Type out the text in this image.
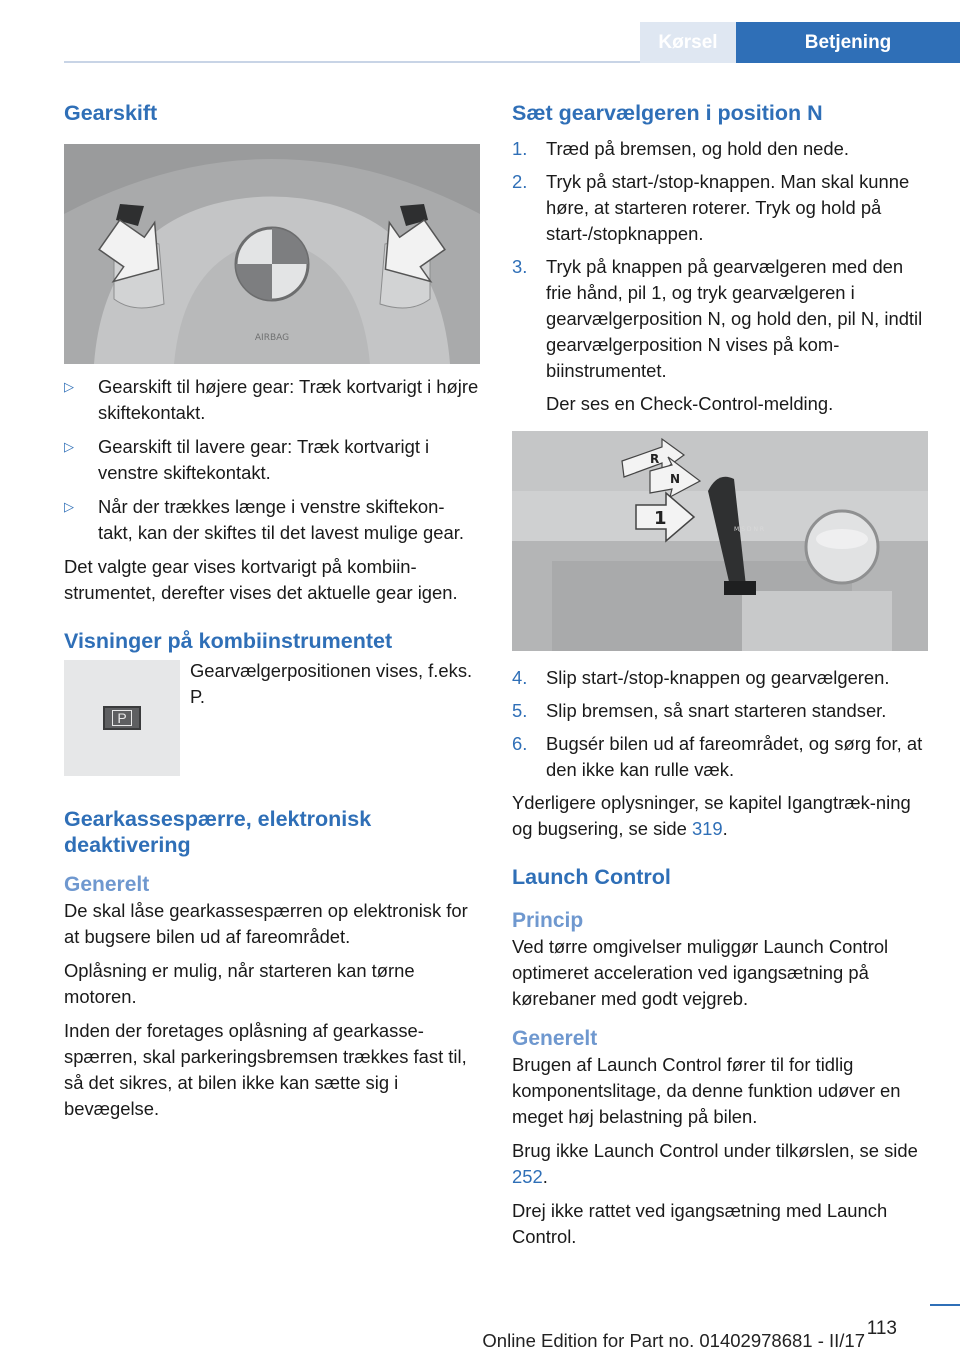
Kørsel	Betjening
Gearskift
AIRBAG
▷	Gearskift til højere gear: Træk kortvarigt i højre skiftekontakt.
▷	Gearskift til lavere gear: Træk kortvarigt i venstre skiftekontakt.
▷	Når der trækkes længe i venstre skiftekon‐takt, kan der skiftes til det lavest mulige gear.

Det valgte gear vises kortvarigt på kombiin‐strumentet, derefter vises det aktuelle gear igen.

Visninger på kombiinstrumentet
P

Gearvælgerpositionen vises, f.eks. P.

Gearkassespærre, elektronisk deaktivering
Generelt

De skal låse gearkassespærren op elektronisk for at bugsere bilen ud af fareområdet.

Oplåsning er mulig, når starteren kan tørne motoren.

Inden der foretages oplåsning af gearkasse‐spærren, skal parkeringsbremsen trækkes fast til, så det sikres, at bilen ikke kan sætte sig i bevægelse.

Sæt gearvælgeren i position N
1.	Træd på bremsen, og hold den nede.
2.	Tryk på start-/stop-knappen. Man skal kunne høre, at starteren roterer. Tryk og hold på start-/stopknappen.
3.	Tryk på knappen på gearvælgeren med den frie hånd, pil 1, og tryk gearvælgeren i gearvælgerposition N, og hold den, pil N, indtil gearvælgerposition N vises på kom‐biinstrumentet.

Der ses en Check-Control-melding.

M/S D N R
R
N
1
4.	Slip start-/stop-knappen og gearvælgeren.
5.	Slip bremsen, så snart starteren standser.
6.	Bugsér bilen ud af fareområdet, og sørg for, at den ikke kan rulle væk.

Yderligere oplysninger, se kapitel Igangtræk‐ning og bugsering, se side 319.

Launch Control
Princip

Ved tørre omgivelser muliggør Launch Control optimeret acceleration ved igangsætning på kørebaner med godt vejgreb.

Generelt

Brugen af Launch Control fører til for tidlig komponentslitage, da denne funktion udøver en meget høj belastning på bilen.

Brug ikke Launch Control under tilkørslen, se side 252.

Drej ikke rattet ved igangsætning med Launch Control.

113
Online Edition for Part no. 01402978681 - II/17
